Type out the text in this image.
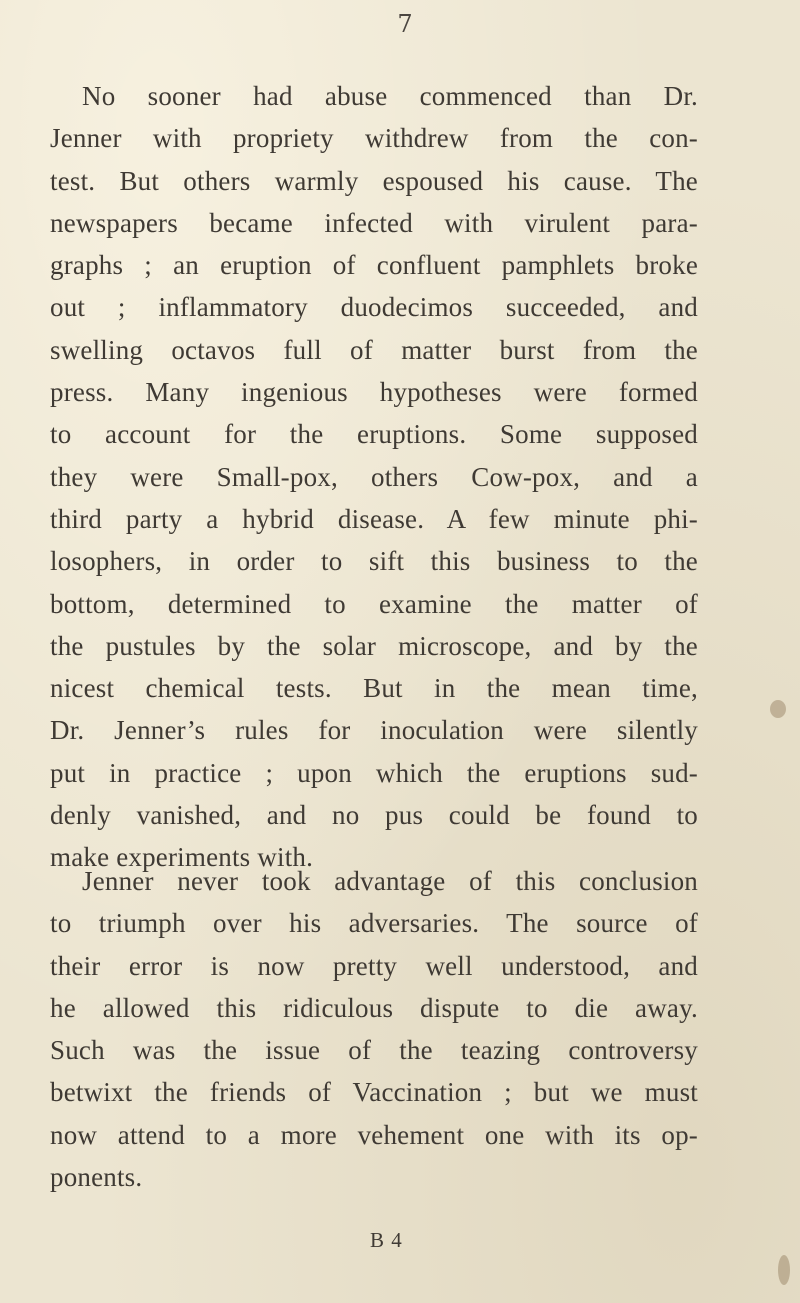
7

No sooner had abuse commenced than Dr.
Jenner with propriety withdrew from the con-
test. But others warmly espoused his cause. The
newspapers became infected with virulent para-
graphs ; an eruption of confluent pamphlets broke
out ; inflammatory duodecimos succeeded, and
swelling octavos full of matter burst from the
press. Many ingenious hypotheses were formed
to account for the eruptions. Some supposed
they were Small-pox, others Cow-pox, and a
third party a hybrid disease. A few minute phi-
losophers, in order to sift this business to the
bottom, determined to examine the matter of
the pustules by the solar microscope, and by the
nicest chemical tests. But in the mean time,
Dr. Jenner’s rules for inoculation were silently
put in practice ; upon which the eruptions sud-
denly vanished, and no pus could be found to
make experiments with.

Jenner never took advantage of this conclusion
to triumph over his adversaries. The source of
their error is now pretty well understood, and
he allowed this ridiculous dispute to die away.
Such was the issue of the teazing controversy
betwixt the friends of Vaccination ; but we must
now attend to a more vehement one with its op-
ponents.

B 4
